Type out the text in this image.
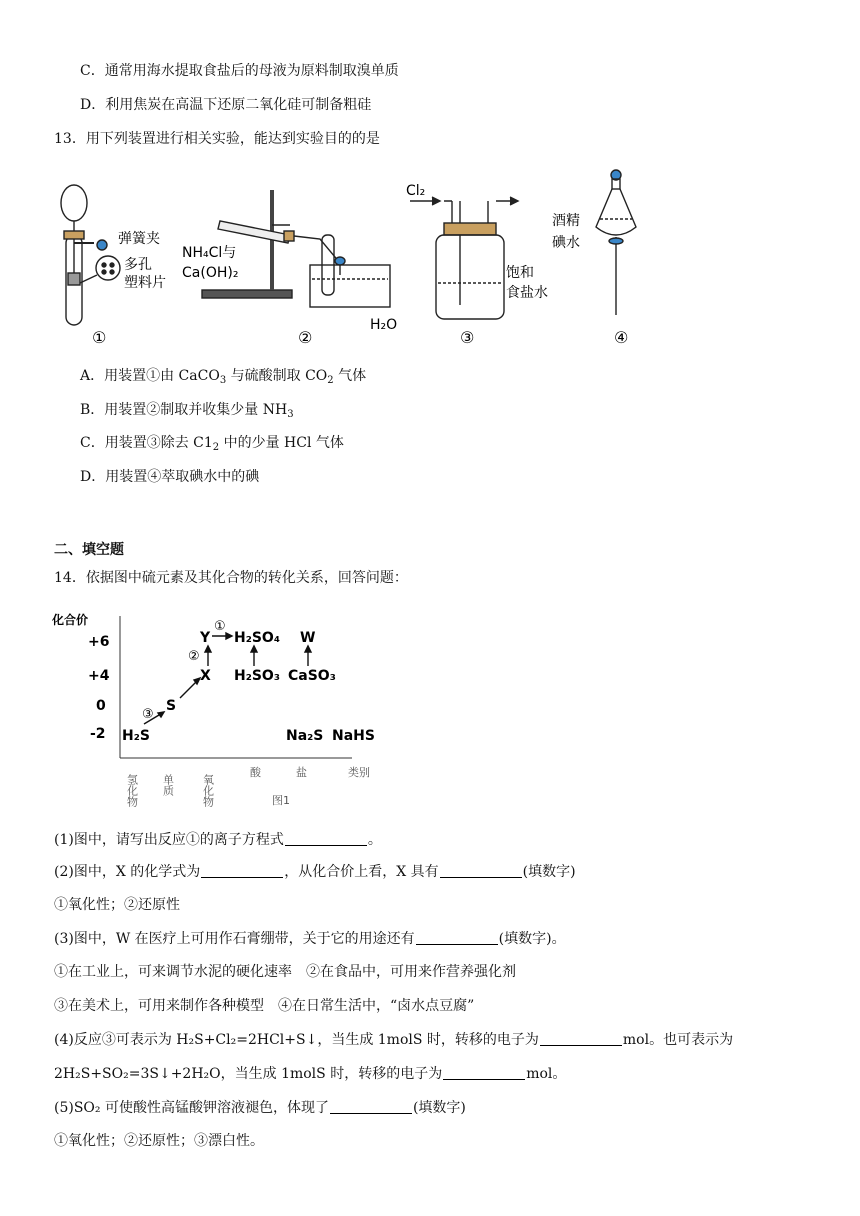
C．通常用海水提取食盐后的母液为原料制取溴单质
D．利用焦炭在高温下还原二氧化硅可制备粗硅
13．用下列装置进行相关实验，能达到实验目的的是
弹簧夹
多孔
塑料片
①
NH₄Cl与
Ca(OH)₂
H₂O
②
Cl₂
饱和
食盐水
③
酒精
碘水
④
A．用装置①由 CaCO$_3$ 与硫酸制取 $CO_2$ 气体
B．用装置②制取并收集少量 $NH_3$
C．用装置③除去 $C1_2$ 中的少量 HCl 气体
D．用装置④萃取碘水中的碘
二、填空题
14．依据图中硫元素及其化合物的转化关系，回答问题：
化合价
+6
+4
0
-2 H₂S
S
X
Y H₂SO₄
H₂SO₃ CaSO₃
W
Na₂S NaHS
①
②
③
氢化物 单质 氧化物
酸	盐	类别
图1
(1)图中，请写出反应①的离子方程式	。
(2)图中，X 的化学式为	，从化合价上看，X 具有	(填数字)
①氧化性；②还原性
(3)图中，W 在医疗上可用作石膏绷带，关于它的用途还有	(填数字)。
①在工业上，可来调节水泥的硬化速率　②在食品中，可用来作营养强化剂
③在美术上，可用来制作各种模型　④在日常生活中，“卤水点豆腐”
(4)反应③可表示为 H₂S+Cl₂=2HCl+S↓，当生成 1molS 时，转移的电子为	mol。也可表示为
2H₂S+SO₂=3S↓+2H₂O，当生成 1molS 时，转移的电子为	mol。
(5)SO₂ 可使酸性高锰酸钾溶液褪色，体现了	(填数字)
①氧化性；②还原性；③漂白性。
